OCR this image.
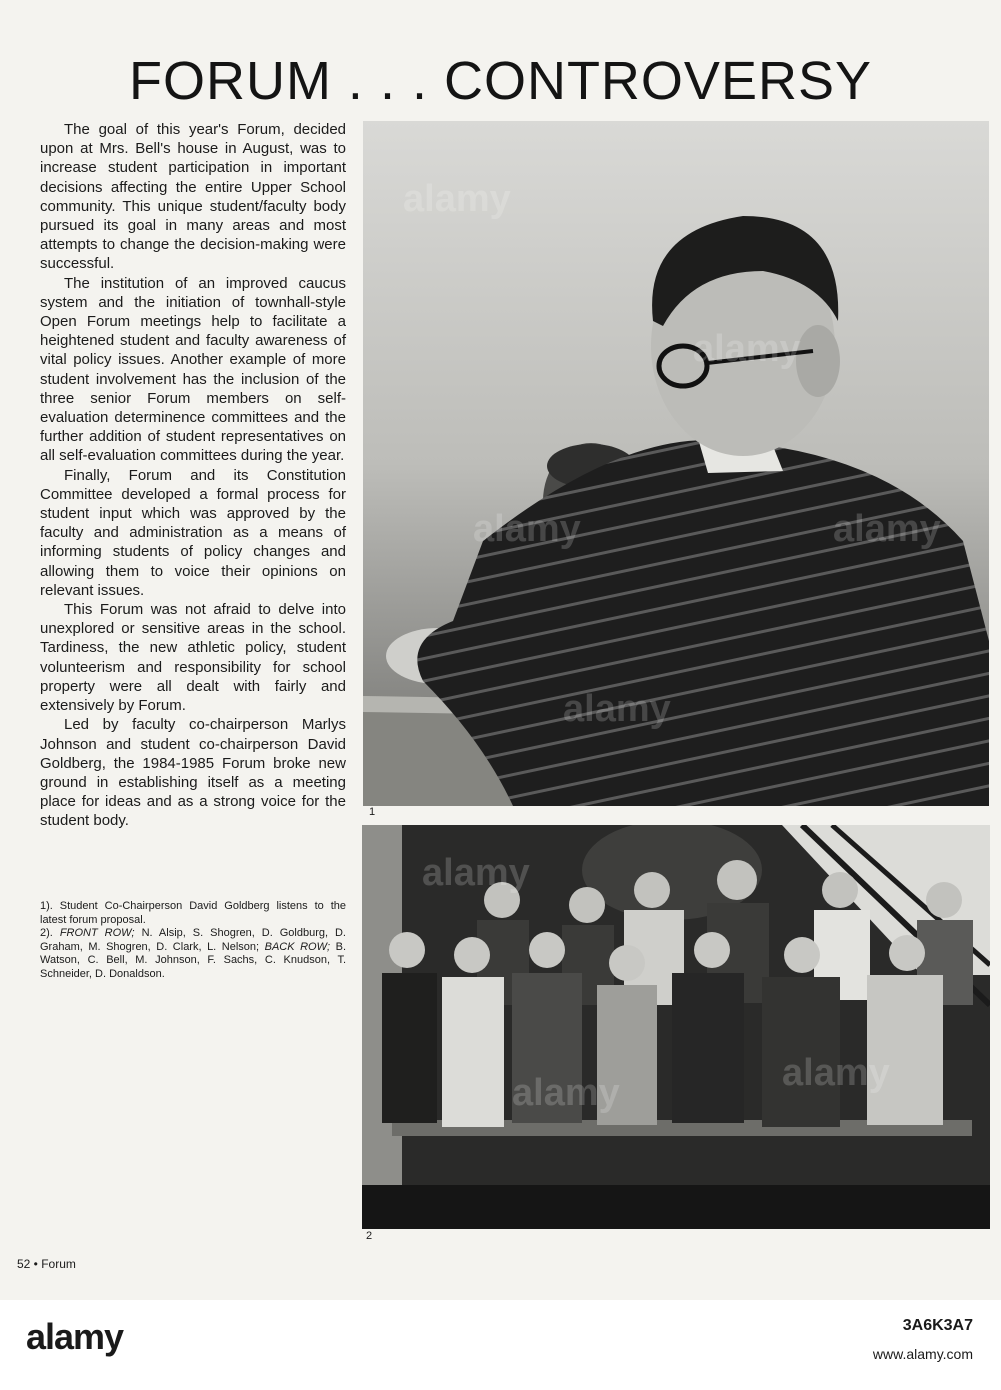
FORUM . . . CONTROVERSY

The goal of this year's Forum, decided upon at Mrs. Bell's house in August, was to increase student participation in important decisions affecting the entire Upper School community. This unique student/faculty body pursued its goal in many areas and most attempts to change the decision-making were successful.

The institution of an improved caucus system and the initiation of townhall-style Open Forum meetings help to facilitate a heightened student and faculty awareness of vital policy issues. Another example of more student involvement has the inclusion of the three senior Forum members on self-evaluation determinence committees and the further addition of student representatives on all self-evaluation committees during the year.

Finally, Forum and its Constitution Committee developed a formal process for student input which was approved by the faculty and administration as a means of informing students of policy changes and allowing them to voice their opinions on relevant issues.

This Forum was not afraid to delve into unexplored or sensitive areas in the school. Tardiness, the new athletic policy, student volunteerism and responsibility for school property were all dealt with fairly and extensively by Forum.

Led by faculty co-chairperson Marlys Johnson and student co-chairperson David Goldberg, the 1984-1985 Forum broke new ground in establishing itself as a meeting place for ideas and as a strong voice for the student body.

1). Student Co-Chairperson David Goldberg listens to the latest forum proposal.

2). FRONT ROW; N. Alsip, S. Shogren, D. Goldburg, D. Graham, M. Shogren, D. Clark, L. Nelson; BACK ROW; B. Watson, C. Bell, M. Johnson, F. Sachs, C. Knudson, T. Schneider, D. Donaldson.

alamy
alamy
alamy	alamy
alamy
1
alamy
alamy
alamy
2
52 • Forum
alamy	3A6K3A7
www.alamy.com
